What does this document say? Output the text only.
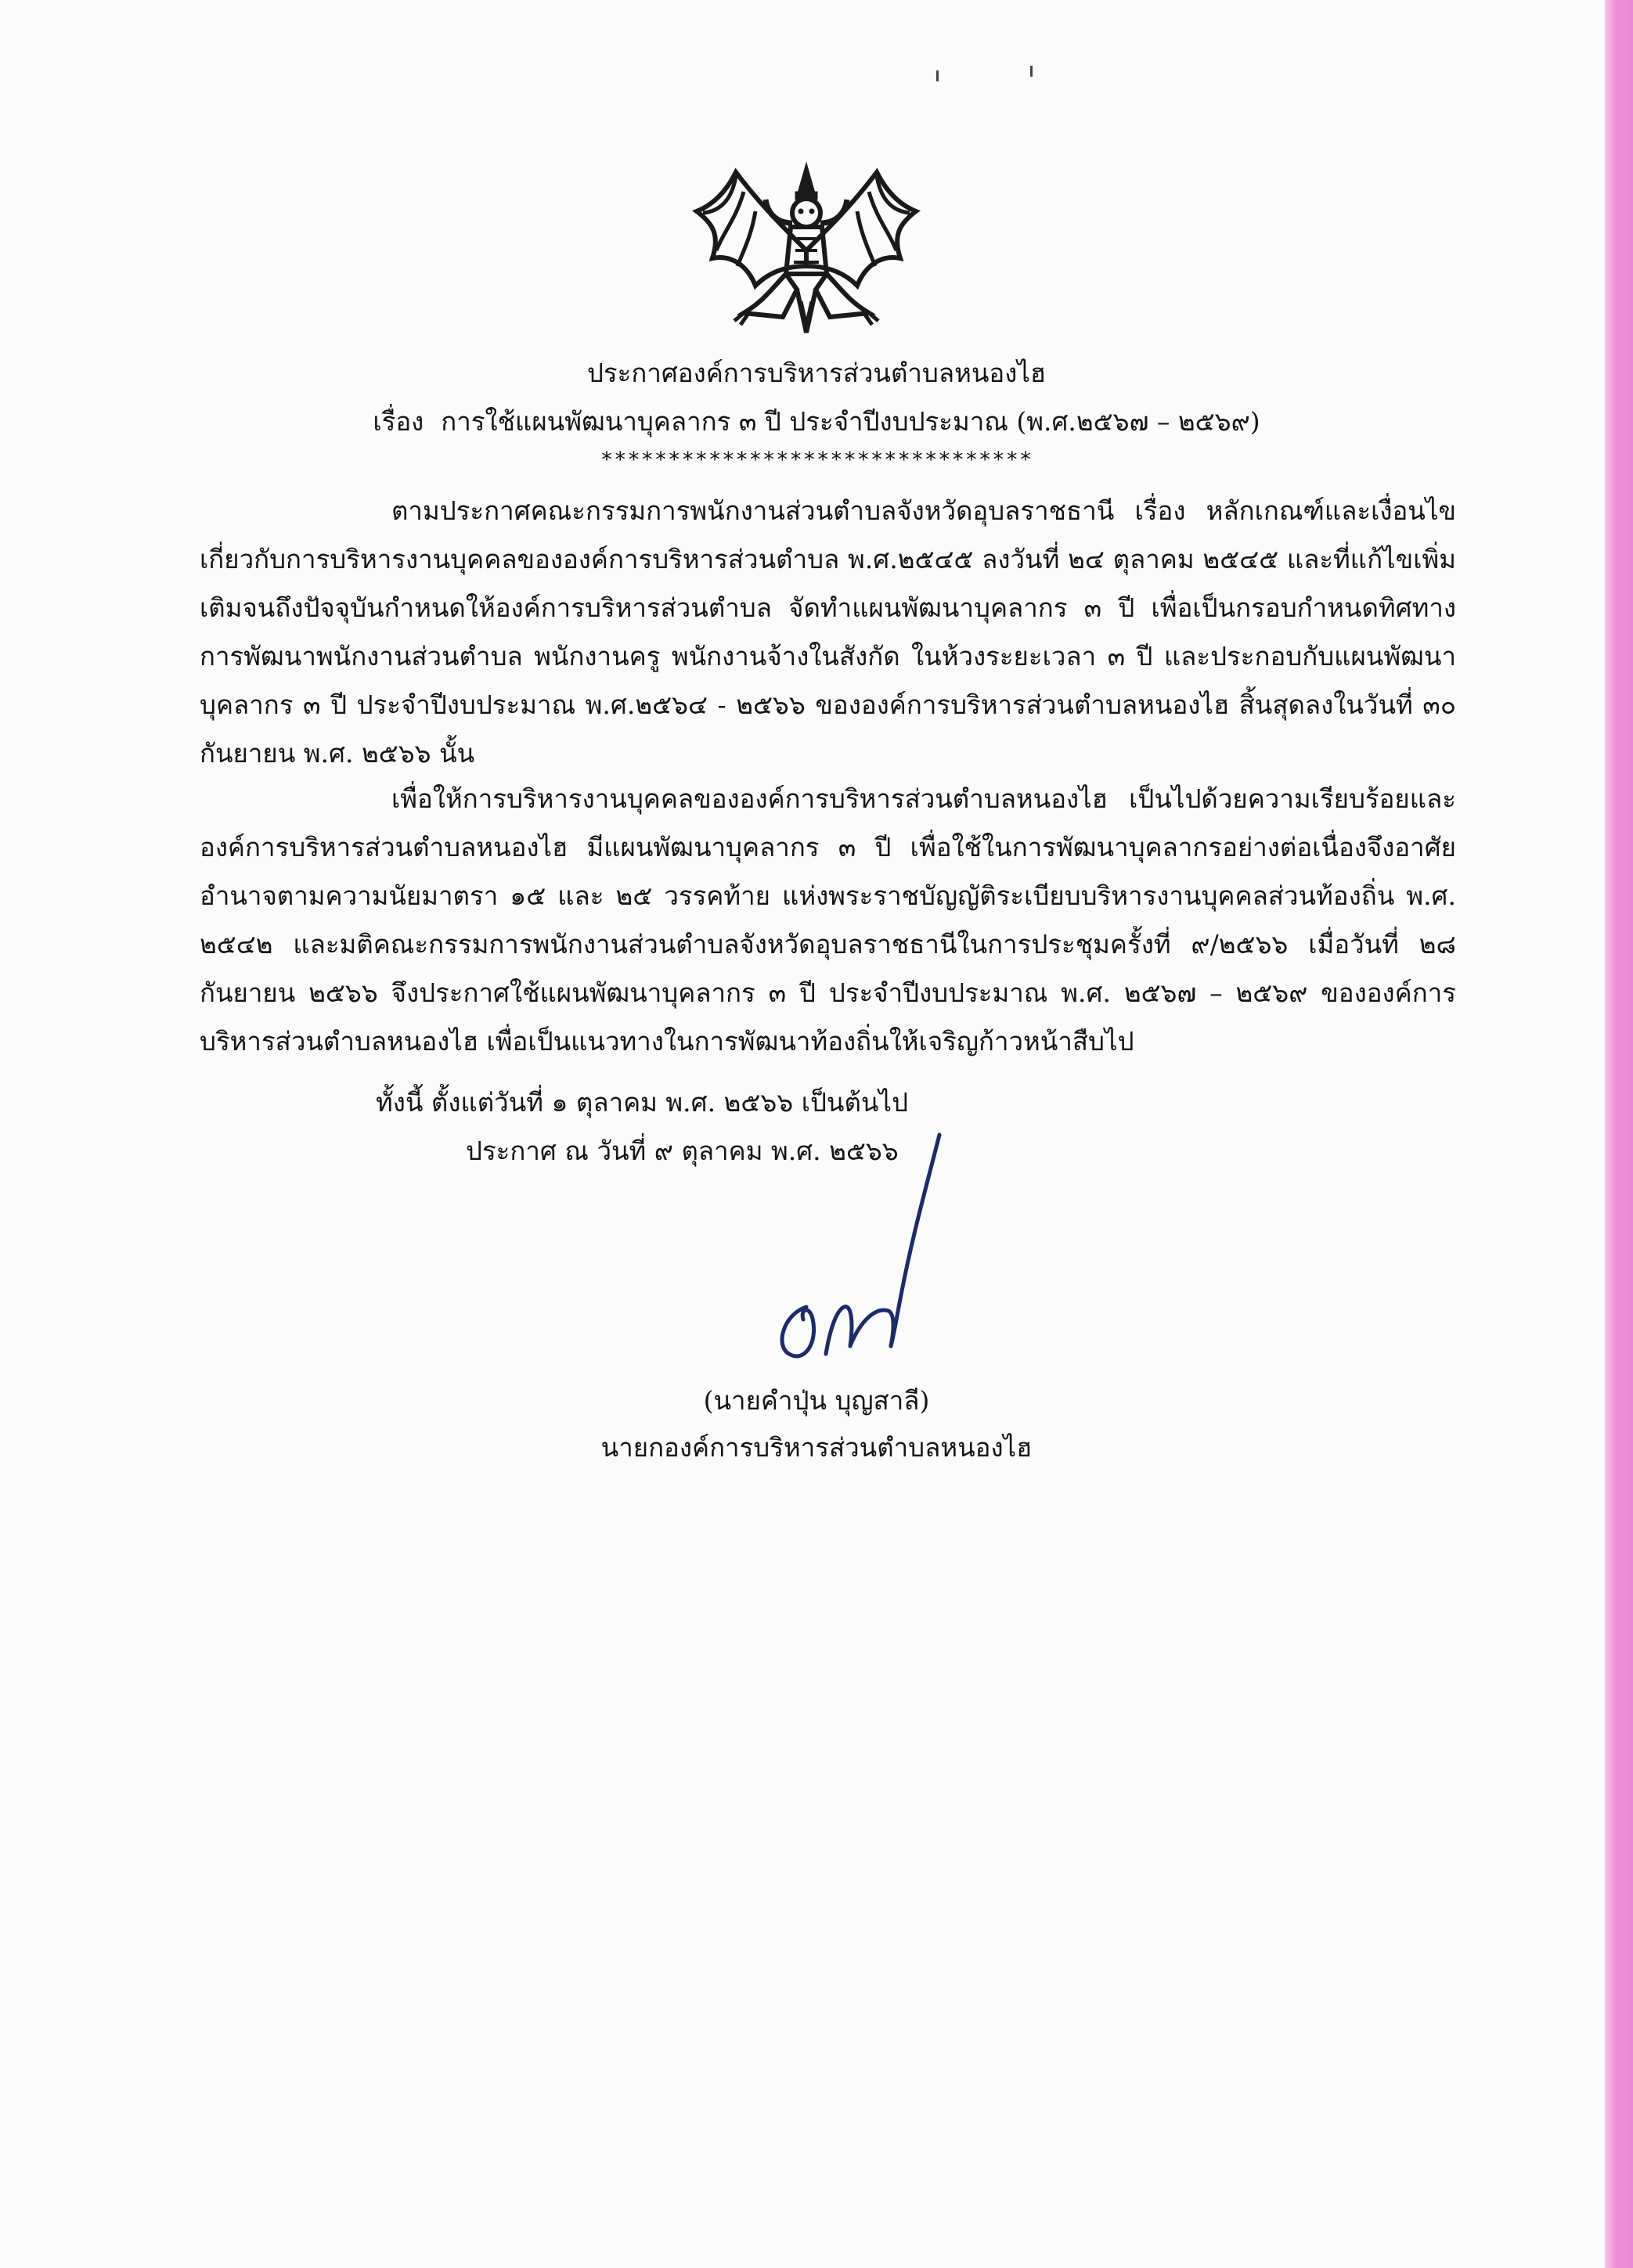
ประกาศองค์การบริหารส่วนตำบลหนองไฮ
เรื่อง การใช้แผนพัฒนาบุคลากร ๓ ปี ประจำปีงบประมาณ (พ.ศ.๒๕๖๗ – ๒๕๖๙)
********************************
ตามประกาศคณะกรรมการพนักงานส่วนตำบลจังหวัดอุบลราชธานี เรื่อง หลักเกณฑ์และเงื่อนไขเกี่ยวกับการบริหารงานบุคคลขององค์การบริหารส่วนตำบล พ.ศ.๒๕๔๕ ลงวันที่ ๒๔ ตุลาคม ๒๕๔๕ และที่แก้ไขเพิ่มเติมจนถึงปัจจุบันกำหนดให้องค์การบริหารส่วนตำบล จัดทำแผนพัฒนาบุคลากร ๓ ปี เพื่อเป็นกรอบกำหนดทิศทางการพัฒนาพนักงานส่วนตำบล พนักงานครู พนักงานจ้างในสังกัด ในห้วงระยะเวลา ๓ ปี และประกอบกับแผนพัฒนาบุคลากร ๓ ปี ประจำปีงบประมาณ พ.ศ.๒๕๖๔ - ๒๕๖๖ ขององค์การบริหารส่วนตำบลหนองไฮ สิ้นสุดลงในวันที่ ๓๐ กันยายน พ.ศ. ๒๕๖๖ นั้น
เพื่อให้การบริหารงานบุคคลขององค์การบริหารส่วนตำบลหนองไฮ เป็นไปด้วยความเรียบร้อยและองค์การบริหารส่วนตำบลหนองไฮ มีแผนพัฒนาบุคลากร ๓ ปี เพื่อใช้ในการพัฒนาบุคลากรอย่างต่อเนื่องจึงอาศัยอำนาจตามความนัยมาตรา ๑๕ และ ๒๕ วรรคท้าย แห่งพระราชบัญญัติระเบียบบริหารงานบุคคลส่วนท้องถิ่น พ.ศ. ๒๕๔๒ และมติคณะกรรมการพนักงานส่วนตำบลจังหวัดอุบลราชธานีในการประชุมครั้งที่ ๙/๒๕๖๖ เมื่อวันที่ ๒๘ กันยายน ๒๕๖๖ จึงประกาศใช้แผนพัฒนาบุคลากร ๓ ปี ประจำปีงบประมาณ พ.ศ. ๒๕๖๗ – ๒๕๖๙ ขององค์การบริหารส่วนตำบลหนองไฮ เพื่อเป็นแนวทางในการพัฒนาท้องถิ่นให้เจริญก้าวหน้าสืบไป
ทั้งนี้ ตั้งแต่วันที่ ๑ ตุลาคม พ.ศ. ๒๕๖๖ เป็นต้นไป
ประกาศ ณ วันที่ ๙ ตุลาคม พ.ศ. ๒๕๖๖
(นายคำปุ่น บุญสาลี)
นายกองค์การบริหารส่วนตำบลหนองไฮ
